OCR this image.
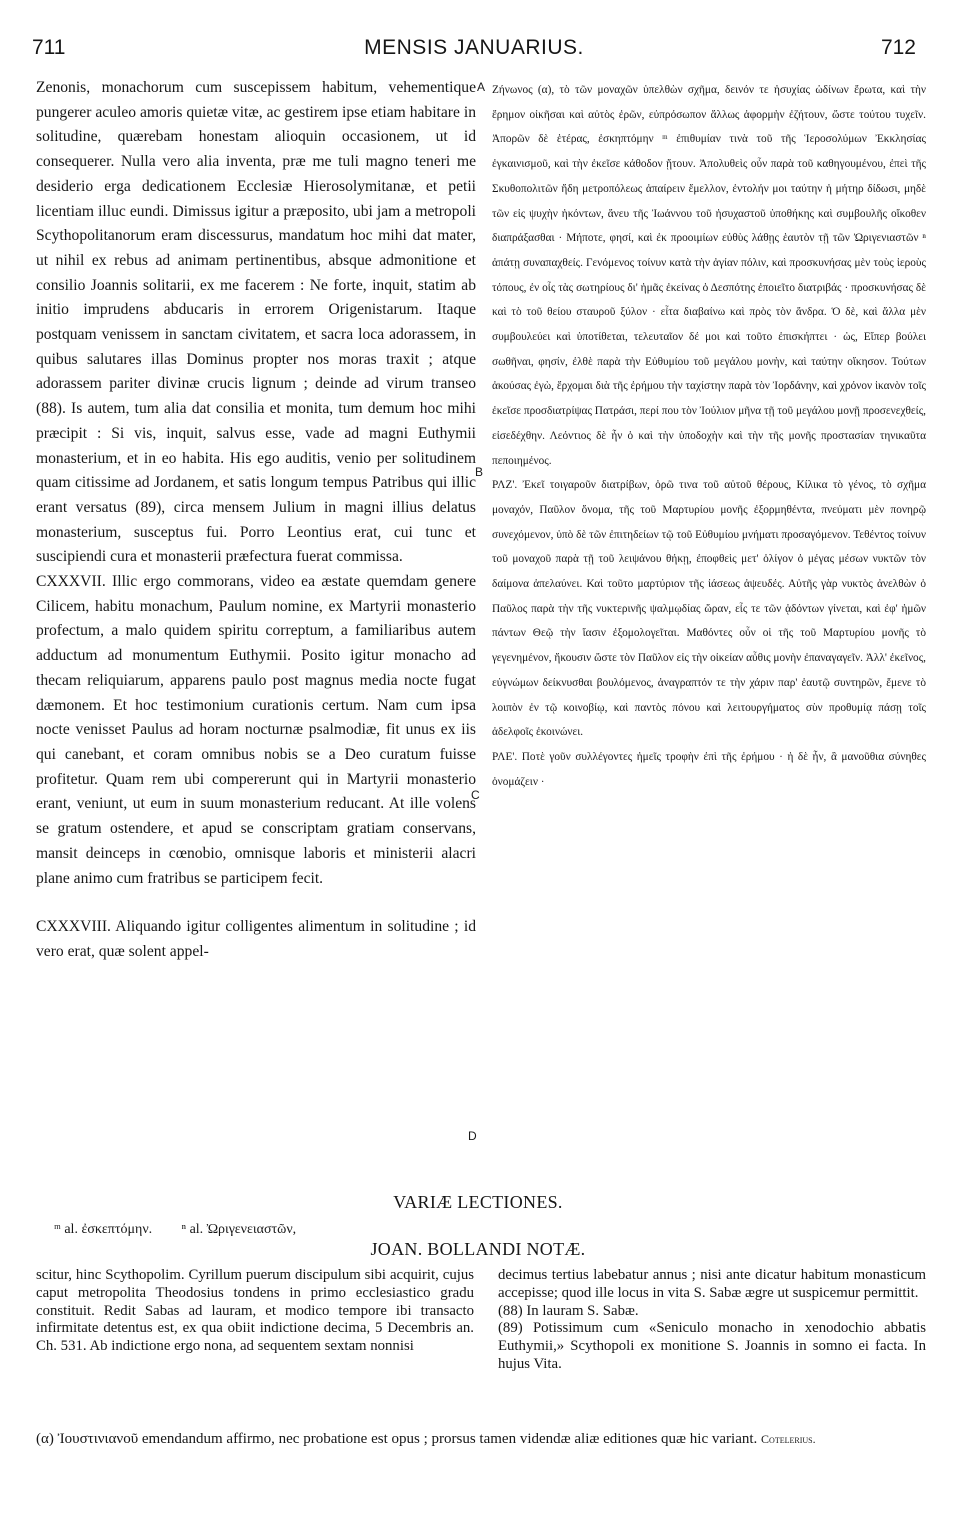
711	MENSIS JANUARIUS.	712

Zenonis, monachorum cum suscepissem habitum, vehementique pungerer aculeo amoris quietæ vitæ, ac gestirem ipse etiam habitare in solitudine, quærebam honestam alioquin occasionem, ut id consequerer. Nulla vero alia inventa, præ me tuli magno teneri me desiderio erga dedicationem Ecclesiæ Hierosolymitanæ, et petii licentiam illuc eundi. Dimissus igitur a præposito, ubi jam a metropoli Scythopolitanorum eram discessurus, mandatum hoc mihi dat mater, ut nihil ex rebus ad animam pertinentibus, absque admonitione et consilio Joannis solitarii, ex me facerem : Ne forte, inquit, statim ab initio imprudens abducaris in errorem Origenistarum. Itaque postquam venissem in sanctam civitatem, et sacra loca adorassem, in quibus salutares illas Dominus propter nos moras traxit ; atque adorassem pariter divinæ crucis lignum ; deinde ad virum transeo (88). Is autem, tum alia dat consilia et monita, tum demum hoc mihi præcipit : Si vis, inquit, salvus esse, vade ad magni Euthymii monasterium, et in eo habita. His ego auditis, venio per solitudinem quam citissime ad Jordanem, et satis longum tempus Patribus qui illic erant versatus (89), circa mensem Julium in magni illius delatus monasterium, susceptus fui. Porro Leontius erat, cui tunc et suscipiendi cura et monasterii præfectura fuerat commissa.

CXXXVII. Illic ergo commorans, video ea æstate quemdam genere Cilicem, habitu monachum, Paulum nomine, ex Martyrii monasterio profectum, a malo quidem spiritu correptum, a familiaribus autem adductum ad monumentum Euthymii. Posito igitur monacho ad thecam reliquiarum, apparens paulo post magnus media nocte fugat dæmonem. Et hoc testimonium curationis certum. Nam cum ipsa nocte venisset Paulus ad horam nocturnæ psalmodiæ, fit unus ex iis qui canebant, et coram omnibus nobis se a Deo curatum fuisse profitetur. Quam rem ubi compererunt qui in Martyrii monasterio erant, veniunt, ut eum in suum monasterium reducant. At ille volens se gratum ostendere, et apud se conscriptam gratiam conservans, mansit deinceps in cœnobio, omnisque laboris et ministerii alacri plane animo cum fratribus se participem fecit.

CXXXVIII. Aliquando igitur colligentes alimentum in solitudine ; id vero erat, quæ solent appel-

Ζήνωνος (α), τὸ τῶν μοναχῶν ὑπελθὼν σχῆμα, δεινόν τε ἡσυχίας ὠδίνων ἔρωτα, καὶ τὴν ἔρημον οἰκῆσαι καὶ αὐτὸς ἐρῶν, εὐπρόσωπον ἄλλως ἀφορμὴν ἐζήτουν, ὥστε τούτου τυχεῖν. Ἀπορῶν δὲ ἑτέρας, ἐσκηπτόμην ᵐ ἐπιθυμίαν τινὰ τοῦ τῆς Ἱεροσολύμων Ἐκκλησίας ἐγκαινισμοῦ, καὶ τὴν ἐκεῖσε κάθοδον ᾔτουν. Ἀπολυθεὶς οὖν παρὰ τοῦ καθηγουμένου, ἐπεὶ τῆς Σκυθοπολιτῶν ἤδη μετροπόλεως ἀπαίρειν ἔμελλον, ἐντολήν μοι ταύτην ἡ μήτηρ δίδωσι, μηδὲ τῶν εἰς ψυχὴν ἡκόντων, ἄνευ τῆς Ἰωάννου τοῦ ἡσυχαστοῦ ὑποθήκης καὶ συμβουλῆς οἴκοθεν διαπράξασθαι · Μήποτε, φησί, καὶ ἐκ προοιμίων εὐθὺς λάθῃς ἑαυτὸν τῇ τῶν Ὠριγενιαστῶν ⁿ ἀπάτῃ συναπαχθείς. Γενόμενος τοίνυν κατὰ τὴν ἁγίαν πόλιν, καὶ προσκυνήσας μὲν τοὺς ἱεροὺς τόπους, ἐν οἷς τὰς σωτηρίους δι' ἡμᾶς ἐκείνας ὁ Δεσπότης ἐποιεῖτο διατριβάς · προσκυνήσας δὲ καὶ τὸ τοῦ θείου σταυροῦ ξύλον · εἶτα διαβαίνω καὶ πρὸς τὸν ἄνδρα. Ὁ δὲ, καὶ ἄλλα μὲν συμβουλεύει καὶ ὑποτίθεται, τελευταῖον δέ μοι καὶ τοῦτο ἐπισκήπτει · ὡς, Εἴπερ βούλει σωθῆναι, φησίν, ἐλθὲ παρὰ τὴν Εὐθυμίου τοῦ μεγάλου μονὴν, καὶ ταύτην οἴκησον. Τούτων ἀκούσας ἐγὼ, ἔρχομαι διὰ τῆς ἐρήμου τὴν ταχίστην παρὰ τὸν Ἰορδάνην, καὶ χρόνον ἱκανὸν τοῖς ἐκεῖσε προσδιατρίψας Πατράσι, περί που τὸν Ἰούλιον μῆνα τῇ τοῦ μεγάλου μονῇ προσενεχθείς, εἰσεδέχθην. Λεόντιος δὲ ἦν ὁ καὶ τὴν ὑποδοχὴν καὶ τὴν τῆς μονῆς προστασίαν τηνικαῦτα πεποιημένος.

ΡΛΖ'. Ἐκεῖ τοιγαροῦν διατρίβων, ὁρῶ τινα τοῦ αὐτοῦ θέρους, Κίλικα τὸ γένος, τὸ σχῆμα μοναχόν, Παῦλον ὄνομα, τῆς τοῦ Μαρτυρίου μονῆς ἐξορμηθέντα, πνεύματι μὲν πονηρῷ συνεχόμενον, ὑπὸ δὲ τῶν ἐπιτηδείων τῷ τοῦ Εὐθυμίου μνήματι προσαγόμενον. Τεθέντος τοίνυν τοῦ μοναχοῦ παρὰ τῇ τοῦ λειψάνου θήκῃ, ἐποφθεὶς μετ' ὀλίγον ὁ μέγας μέσων νυκτῶν τὸν δαίμονα ἀπελαύνει. Καὶ τοῦτο μαρτύριον τῆς ἰάσεως ἀψευδές. Αὐτῆς γὰρ νυκτὸς ἀνελθὼν ὁ Παῦλος παρὰ τὴν τῆς νυκτερινῆς ψαλμῳδίας ὥραν, εἷς τε τῶν ᾀδόντων γίνεται, καὶ ἐφ' ἡμῶν πάντων Θεῷ τὴν ἴασιν ἐξομολογεῖται. Μαθόντες οὖν οἱ τῆς τοῦ Μαρτυρίου μονῆς τὸ γεγενημένον, ἥκουσιν ὥστε τὸν Παῦλον εἰς τὴν οἰκείαν αὖθις μονὴν ἐπαναγαγεῖν. Ἀλλ' ἐκεῖνος, εὐγνώμων δείκνυσθαι βουλόμενος, ἀναγραπτόν τε τὴν χάριν παρ' ἑαυτῷ συντηρῶν, ἔμενε τὸ λοιπὸν ἐν τῷ κοινοβίῳ, καὶ παντὸς πόνου καὶ λειτουργήματος σὺν προθυμίᾳ πάσῃ τοῖς ἀδελφοῖς ἐκοινώνει.

ΡΛΕ'. Ποτὲ γοῦν συλλέγοντες ἡμεῖς τροφὴν ἐπὶ τῆς ἐρήμου · ἡ δὲ ἦν, ἃ μανοῦθια σύνηθες ὀνομάζειν ·

A
B
C
D
VARIÆ LECTIONES.
ᵐ al. ἐσκεπτόμην. ⁿ al. Ὠριγενειαστῶν,
JOAN. BOLLANDI NOTÆ.

scitur, hinc Scythopolim. Cyrillum puerum discipulum sibi acquirit, cujus caput metropolita Theodosius tondens in primo ecclesiastico gradu constituit. Redit Sabas ad lauram, et modico tempore ibi transacto infirmitate detentus est, ex qua obiit indictione decima, 5 Decembris an. Ch. 531. Ab indictione ergo nona, ad sequentem sextam nonnisi

decimus tertius labebatur annus ; nisi ante dicatur habitum monasticum accepisse; quod ille locus in vita S. Sabæ ægre ut suspicemur permittit.

(88) In lauram S. Sabæ.

(89) Potissimum cum «Seniculo monacho in xenodochio abbatis Euthymii,» Scythopoli ex monitione S. Joannis in somno ei facta. In hujus Vita.

(α) Ἰουστινιανοῦ emendandum affirmo, nec probatione est opus ; prorsus tamen videndæ aliæ editiones quæ hic variant. Cotelerius.
